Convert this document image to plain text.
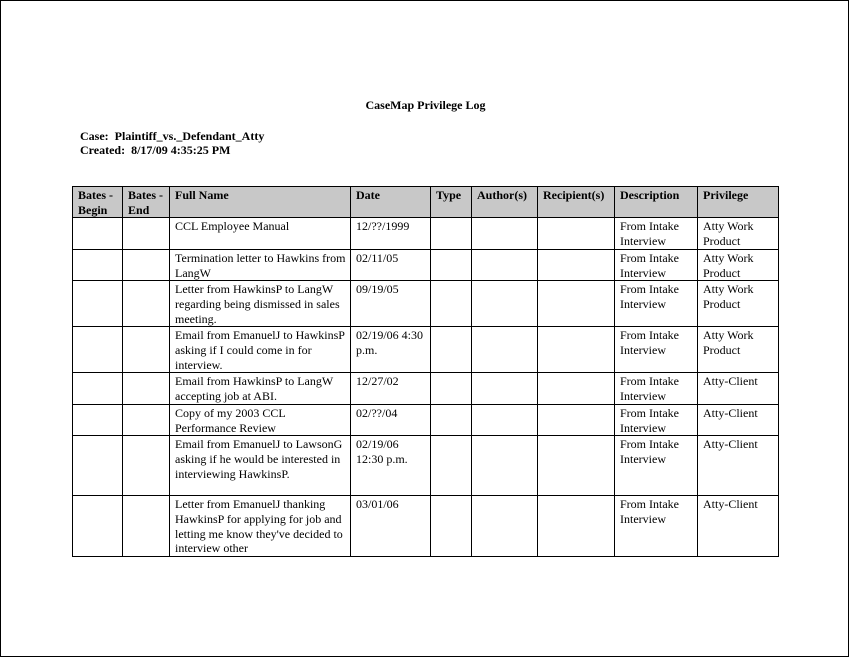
CaseMap Privilege Log
Case: Plaintiff_vs._Defendant_Atty
Created: 8/17/09 4:35:25 PM
Bates - Begin	Bates - End	Full Name	Date	Type	Author(s)	Recipient(s)	Description	Privilege
		CCL Employee Manual	12/??/1999				From Intake Interview	Atty Work Product
		Termination letter to Hawkins from LangW	02/11/05				From Intake Interview	Atty Work Product
		Letter from HawkinsP to LangW regarding being dismissed in sales meeting.	09/19/05				From Intake Interview	Atty Work Product
		Email from EmanuelJ to HawkinsP asking if I could come in for interview.	02/19/06 4:30 p.m.				From Intake Interview	Atty Work Product
		Email from HawkinsP to LangW accepting job at ABI.	12/27/02				From Intake Interview	Atty-Client
		Copy of my 2003 CCL Performance Review	02/??/04				From Intake Interview	Atty-Client
		Email from EmanuelJ to LawsonG asking if he would be interested in interviewing HawkinsP.	02/19/06 12:30 p.m.				From Intake Interview	Atty-Client

		Letter from EmanuelJ thanking HawkinsP for applying for job and letting me know they've decided to interview other	03/01/06				From Intake Interview	Atty-Client
